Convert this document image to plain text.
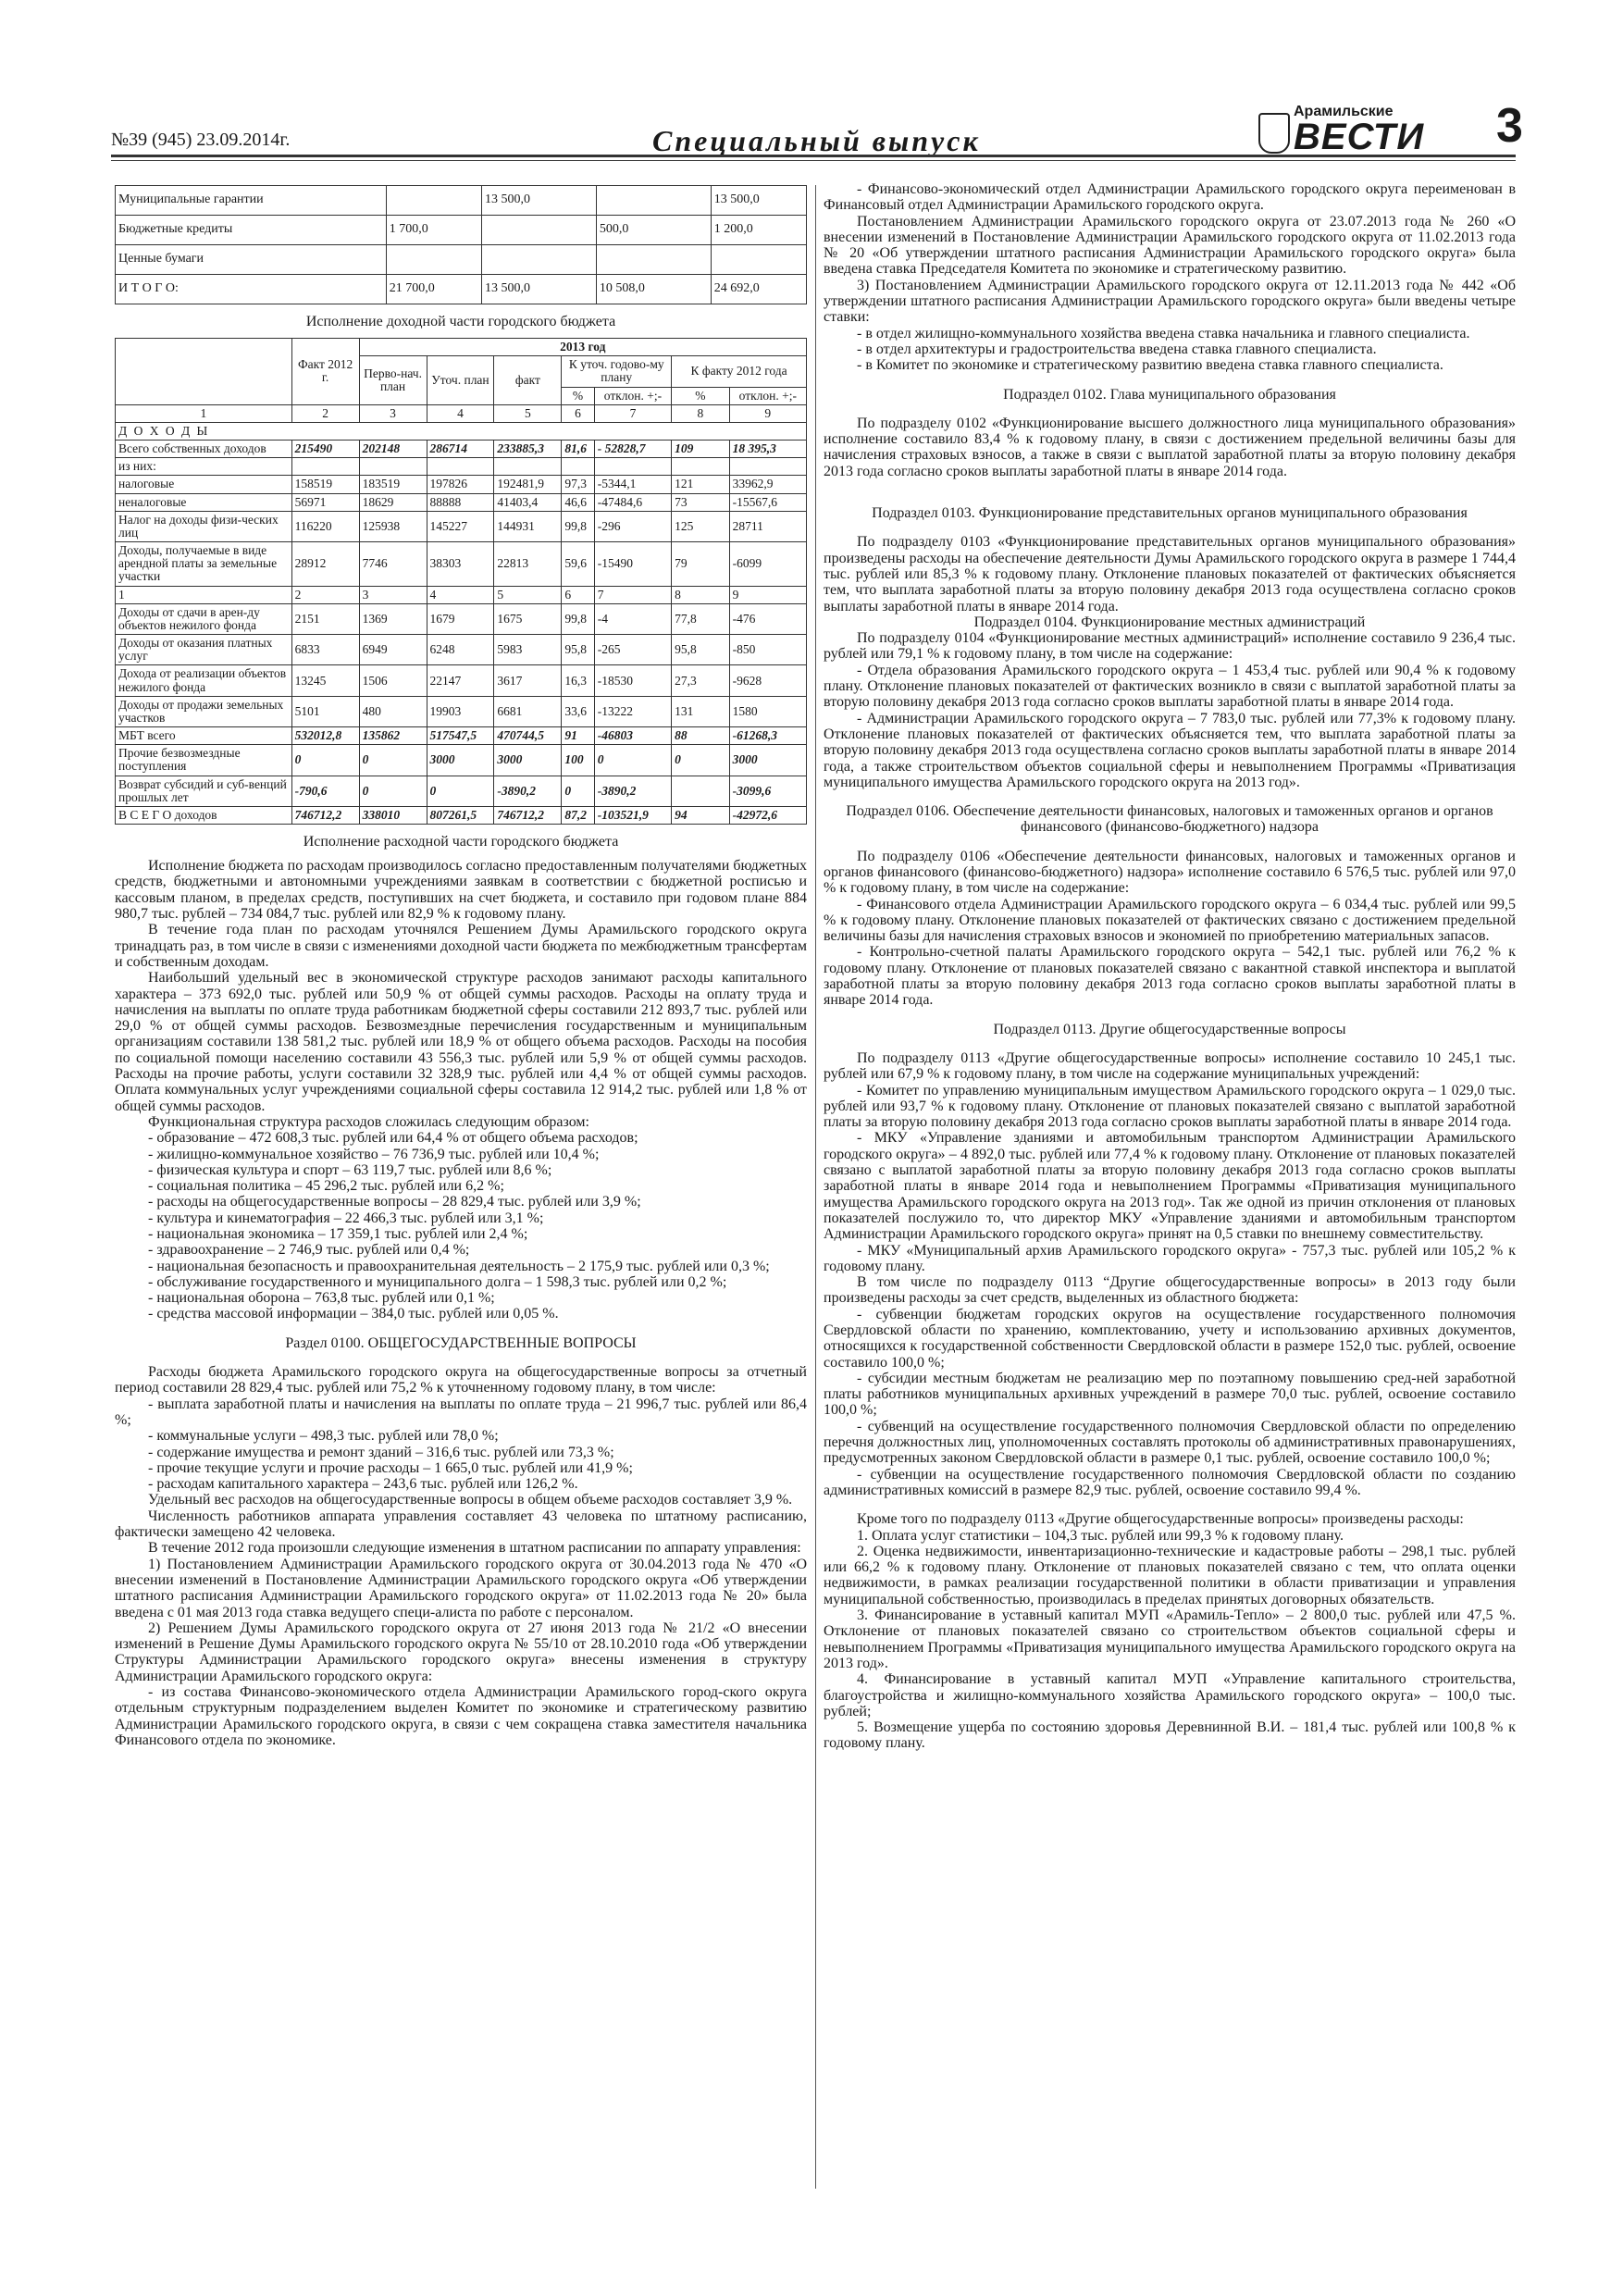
№39 (945) 23.09.2014г.	Специальный выпуск
Арамильские
ВЕСТИ 3
Муниципальные гарантии		13 500,0		13 500,0
Бюджетные кредиты	1 700,0		500,0	1 200,0
Ценные бумаги				
И Т О Г О:	21 700,0	13 500,0	10 508,0	24 692,0
Исполнение доходной части городского бюджета
	Факт 2012 г.	2013 год						
		Перво-нач. план	Уточ. план	факт	К уточ. годово-му плану		К факту 2012 года	
					%	отклон. +;-	%	отклон. +;-
1	2	3	4	5	6	7	8	9
Д О Х О Д Ы								
Всего собственных доходов	215490	202148	286714	233885,3	81,6	- 52828,7	109	18 395,3
из них:								
налоговые	158519	183519	197826	192481,9	97,3	-5344,1	121	33962,9
неналоговые	56971	18629	88888	41403,4	46,6	-47484,6	73	-15567,6
Налог на доходы физи-ческих лиц	116220	125938	145227	144931	99,8	-296	125	28711
Доходы, получаемые в виде арендной платы за земельные участки	28912	7746	38303	22813	59,6	-15490	79	-6099
1	2	3	4	5	6	7	8	9
Доходы от сдачи в арен-ду объектов нежилого фонда	2151	1369	1679	1675	99,8	-4	77,8	-476
Доходы от оказания платных услуг	6833	6949	6248	5983	95,8	-265	95,8	-850
Дохода от реализации объектов нежилого фонда	13245	1506	22147	3617	16,3	-18530	27,3	-9628
Доходы от продажи земельных участков	5101	480	19903	6681	33,6	-13222	131	1580
МБТ всего	532012,8	135862	517547,5	470744,5	91	-46803	88	-61268,3
Прочие безвозмездные поступления	0	0	3000	3000	100	0	0	3000
Возврат субсидий и суб-венций прошлых лет	-790,6	0	0	-3890,2	0	-3890,2		-3099,6
В С Е Г О доходов	746712,2	338010	807261,5	746712,2	87,2	-103521,9	94	-42972,6
Исполнение расходной части городского бюджета

Исполнение бюджета по расходам производилось согласно предоставленным получателями бюджетных средств, бюджетными и автономными учреждениями заявкам в соответствии с бюджетной росписью и кассовым планом, в пределах средств, поступивших на счет бюджета, и составило при годовом плане 884 980,7 тыс. рублей – 734 084,7 тыс. рублей или 82,9 % к годовому плану.

В течение года план по расходам уточнялся Решением Думы Арамильского городского округа тринадцать раз, в том числе в связи с изменениями доходной части бюджета по межбюджетным трансфертам и собственным доходам.

Наибольший удельный вес в экономической структуре расходов занимают расходы капитального характера – 373 692,0 тыс. рублей или 50,9 % от общей суммы расходов. Расходы на оплату труда и начисления на выплаты по оплате труда работникам бюджетной сферы составили 212 893,7 тыс. рублей или 29,0 % от общей суммы расходов. Безвозмездные перечисления государственным и муниципальным организациям составили 138 581,2 тыс. рублей или 18,9 % от общего объема расходов. Расходы на пособия по социальной помощи населению составили 43 556,3 тыс. рублей или 5,9 % от общей суммы расходов. Расходы на прочие работы, услуги составили 32 328,9 тыс. рублей или 4,4 % от общей суммы расходов. Оплата коммунальных услуг учреждениями социальной сферы составила 12 914,2 тыс. рублей или 1,8 % от общей суммы расходов.

Функциональная структура расходов сложилась следующим образом:

- образование – 472 608,3 тыс. рублей или 64,4 % от общего объема расходов;

- жилищно-коммунальное хозяйство – 76 736,9 тыс. рублей или 10,4 %;

- физическая культура и спорт – 63 119,7 тыс. рублей или 8,6 %;

- социальная политика – 45 296,2 тыс. рублей или 6,2 %;

- расходы на общегосударственные вопросы – 28 829,4 тыс. рублей или 3,9 %;

- культура и кинематография – 22 466,3 тыс. рублей или 3,1 %;

- национальная экономика – 17 359,1 тыс. рублей или 2,4 %;

- здравоохранение – 2 746,9 тыс. рублей или 0,4 %;

- национальная безопасность и правоохранительная деятельность – 2 175,9 тыс. рублей или 0,3 %;

- обслуживание государственного и муниципального долга – 1 598,3 тыс. рублей или 0,2 %;

- национальная оборона – 763,8 тыс. рублей или 0,1 %;

- средства массовой информации – 384,0 тыс. рублей или 0,05 %.

Раздел 0100. ОБЩЕГОСУДАРСТВЕННЫЕ ВОПРОСЫ

Расходы бюджета Арамильского городского округа на общегосударственные вопросы за отчетный период составили 28 829,4 тыс. рублей или 75,2 % к уточненному годовому плану, в том числе:

- выплата заработной платы и начисления на выплаты по оплате труда – 21 996,7 тыс. рублей или 86,4 %;

- коммунальные услуги – 498,3 тыс. рублей или 78,0 %;

- содержание имущества и ремонт зданий – 316,6 тыс. рублей или 73,3 %;

- прочие текущие услуги и прочие расходы – 1 665,0 тыс. рублей или 41,9 %;

- расходам капитального характера – 243,6 тыс. рублей или 126,2 %.

Удельный вес расходов на общегосударственные вопросы в общем объеме расходов составляет 3,9 %.

Численность работников аппарата управления составляет 43 человека по штатному расписанию, фактически замещено 42 человека.

В течение 2012 года произошли следующие изменения в штатном расписании по аппарату управления:

1) Постановлением Администрации Арамильского городского округа от 30.04.2013 года № 470 «О внесении изменений в Постановление Администрации Арамильского городского округа «Об утверждении штатного расписания Администрации Арамильского городского округа» от 11.02.2013 года № 20» была введена с 01 мая 2013 года ставка ведущего специ-алиста по работе с персоналом.

2) Решением Думы Арамильского городского округа от 27 июня 2013 года № 21/2 «О внесении изменений в Решение Думы Арамильского городского округа № 55/10 от 28.10.2010 года «Об утверждении Структуры Администрации Арамильского городского округа» внесены изменения в структуру Администрации Арамильского городского округа:

- из состава Финансово-экономического отдела Администрации Арамильского город-ского округа отдельным структурным подразделением выделен Комитет по экономике и стратегическому развитию Администрации Арамильского городского округа, в связи с чем сокращена ставка заместителя начальника Финансового отдела по экономике.

- Финансово-экономический отдел Администрации Арамильского городского округа переименован в Финансовый отдел Администрации Арамильского городского округа.

Постановлением Администрации Арамильского городского округа от 23.07.2013 года № 260 «О внесении изменений в Постановление Администрации Арамильского городского округа от 11.02.2013 года № 20 «Об утверждении штатного расписания Администрации Арамильского городского округа» была введена ставка Председателя Комитета по экономике и стратегическому развитию.

3) Постановлением Администрации Арамильского городского округа от 12.11.2013 года № 442 «Об утверждении штатного расписания Администрации Арамильского городского округа» были введены четыре ставки:

- в отдел жилищно-коммунального хозяйства введена ставка начальника и главного специалиста.

- в отдел архитектуры и градостроительства введена ставка главного специалиста.

- в Комитет по экономике и стратегическому развитию введена ставка главного специалиста.

Подраздел 0102. Глава муниципального образования

По подразделу 0102 «Функционирование высшего должностного лица муниципального образования» исполнение составило 83,4 % к годовому плану, в связи с достижением предельной величины базы для начисления страховых взносов, а также в связи с выплатой заработной платы за вторую половину декабря 2013 года согласно сроков выплаты заработной платы в январе 2014 года.

Подраздел 0103. Функционирование представительных органов муниципального образования

По подразделу 0103 «Функционирование представительных органов муниципального образования» произведены расходы на обеспечение деятельности Думы Арамильского городского округа в размере 1 744,4 тыс. рублей или 85,3 % к годовому плану. Отклонение плановых показателей от фактических объясняется тем, что выплата заработной платы за вторую половину декабря 2013 года осуществлена согласно сроков выплаты заработной платы в январе 2014 года.

Подраздел 0104. Функционирование местных администраций

По подразделу 0104 «Функционирование местных администраций» исполнение составило 9 236,4 тыс. рублей или 79,1 % к годовому плану, в том числе на содержание:

- Отдела образования Арамильского городского округа – 1 453,4 тыс. рублей или 90,4 % к годовому плану. Отклонение плановых показателей от фактических возникло в связи с выплатой заработной платы за вторую половину декабря 2013 года согласно сроков выплаты заработной платы в январе 2014 года.

- Администрации Арамильского городского округа – 7 783,0 тыс. рублей или 77,3% к годовому плану. Отклонение плановых показателей от фактических объясняется тем, что выплата заработной платы за вторую половину декабря 2013 года осуществлена согласно сроков выплаты заработной платы в январе 2014 года, а также строительством объектов социальной сферы и невыполнением Программы «Приватизация муниципального имущества Арамильского городского округа на 2013 год».

Подраздел 0106. Обеспечение деятельности финансовых, налоговых и таможенных органов и органов финансового (финансово-бюджетного) надзора

По подразделу 0106 «Обеспечение деятельности финансовых, налоговых и таможенных органов и органов финансового (финансово-бюджетного) надзора» исполнение составило 6 576,5 тыс. рублей или 97,0 % к годовому плану, в том числе на содержание:

- Финансового отдела Администрации Арамильского городского округа – 6 034,4 тыс. рублей или 99,5 % к годовому плану. Отклонение плановых показателей от фактических связано с достижением предельной величины базы для начисления страховых взносов и экономией по приобретению материальных запасов.

- Контрольно-счетной палаты Арамильского городского округа – 542,1 тыс. рублей или 76,2 % к годовому плану. Отклонение от плановых показателей связано с вакантной ставкой инспектора и выплатой заработной платы за вторую половину декабря 2013 года согласно сроков выплаты заработной платы в январе 2014 года.

Подраздел 0113. Другие общегосударственные вопросы

По подразделу 0113 «Другие общегосударственные вопросы» исполнение составило 10 245,1 тыс. рублей или 67,9 % к годовому плану, в том числе на содержание муниципальных учреждений:

- Комитет по управлению муниципальным имуществом Арамильского городского округа – 1 029,0 тыс. рублей или 93,7 % к годовому плану. Отклонение от плановых показателей связано с выплатой заработной платы за вторую половину декабря 2013 года согласно сроков выплаты заработной платы в январе 2014 года.

- МКУ «Управление зданиями и автомобильным транспортом Администрации Арамильского городского округа» – 4 892,0 тыс. рублей или 77,4 % к годовому плану. Отклонение от плановых показателей связано с выплатой заработной платы за вторую половину декабря 2013 года согласно сроков выплаты заработной платы в январе 2014 года и невыполнением Программы «Приватизация муниципального имущества Арамильского городского округа на 2013 год». Так же одной из причин отклонения от плановых показателей послужило то, что директор МКУ «Управление зданиями и автомобильным транспортом Администрации Арамильского городского округа» принят на 0,5 ставки по внешнему совместительству.

- МКУ «Муниципальный архив Арамильского городского округа» - 757,3 тыс. рублей или 105,2 % к годовому плану.

В том числе по подразделу 0113 “Другие общегосударственные вопросы» в 2013 году были произведены расходы за счет средств, выделенных из областного бюджета:

- субвенции бюджетам городских округов на осуществление государственного полномочия Свердловской области по хранению, комплектованию, учету и использованию архивных документов, относящихся к государственной собственности Свердловской области в размере 152,0 тыс. рублей, освоение составило 100,0 %;

- субсидии местным бюджетам не реализацию мер по поэтапному повышению сред-ней заработной платы работников муниципальных архивных учреждений в размере 70,0 тыс. рублей, освоение составило 100,0 %;

- субвенций на осуществление государственного полномочия Свердловской области по определению перечня должностных лиц, уполномоченных составлять протоколы об административных правонарушениях, предусмотренных законом Свердловской области в размере 0,1 тыс. рублей, освоение составило 100,0 %;

- субвенции на осуществление государственного полномочия Свердловской области по созданию административных комиссий в размере 82,9 тыс. рублей, освоение составило 99,4 %.

Кроме того по подразделу 0113 «Другие общегосударственные вопросы» произведены расходы:

1. Оплата услуг статистики – 104,3 тыс. рублей или 99,3 % к годовому плану.

2. Оценка недвижимости, инвентаризационно-технические и кадастровые работы – 298,1 тыс. рублей или 66,2 % к годовому плану. Отклонение от плановых показателей связано с тем, что оплата оценки недвижимости, в рамках реализации государственной политики в области приватизации и управления муниципальной собственностью, производилась в пределах принятых договорных обязательств.

3. Финансирование в уставный капитал МУП «Арамиль-Тепло» – 2 800,0 тыс. рублей или 47,5 %. Отклонение от плановых показателей связано со строительством объектов социальной сферы и невыполнением Программы «Приватизация муниципального имущества Арамильского городского округа на 2013 год».

4. Финансирование в уставный капитал МУП «Управление капитального строительства, благоустройства и жилищно-коммунального хозяйства Арамильского городского округа» – 100,0 тыс. рублей;

5. Возмещение ущерба по состоянию здоровья Деревнинной В.И. – 181,4 тыс. рублей или 100,8 % к годовому плану.
